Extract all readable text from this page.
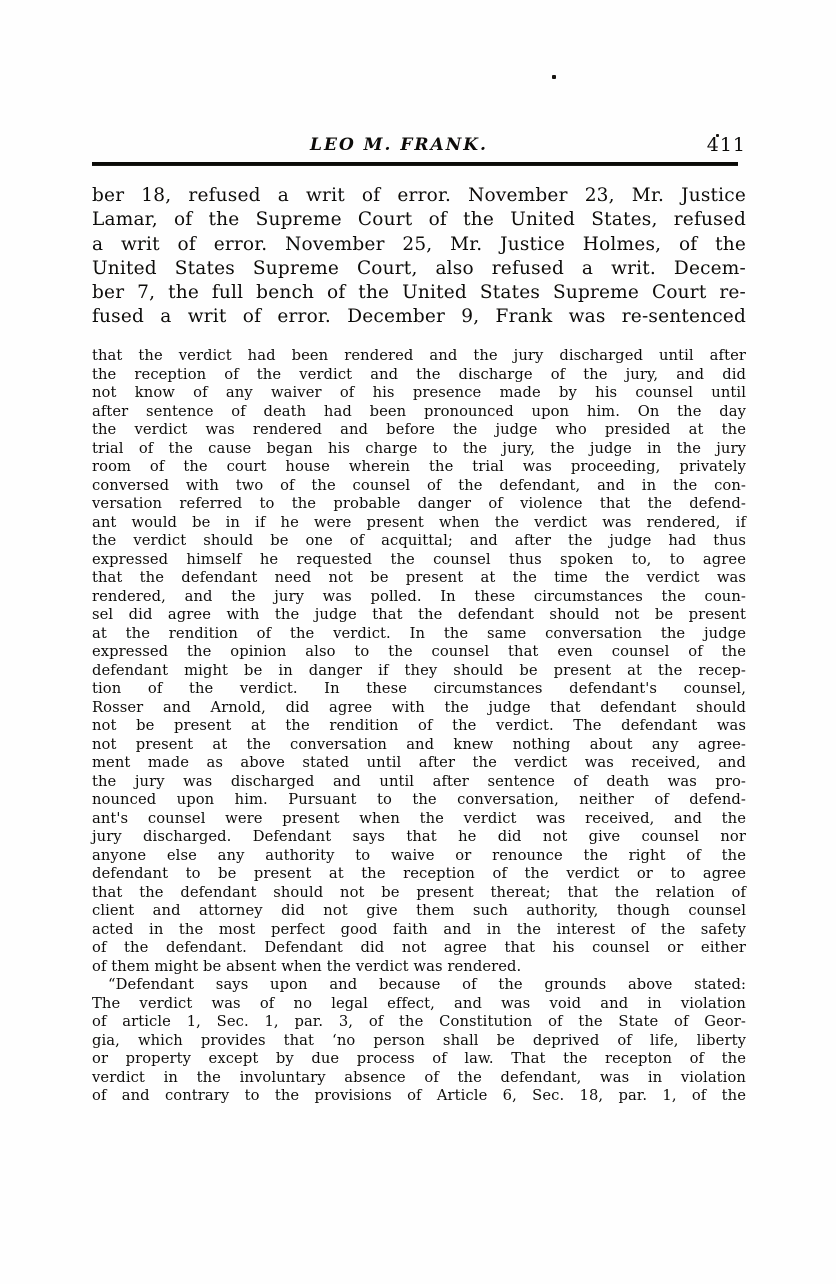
LEO M. FRANK.	411
ber 18, refused a writ of error. November 23, Mr. Justice
Lamar, of the Supreme Court of the United States, refused
a writ of error. November 25, Mr. Justice Holmes, of the
United States Supreme Court, also refused a writ. Decem-
ber 7, the full bench of the United States Supreme Court re-
fused a writ of error. December 9, Frank was re-sentenced
that the verdict had been rendered and the jury discharged until after
the reception of the verdict and the discharge of the jury, and did
not know of any waiver of his presence made by his counsel until
after sentence of death had been pronounced upon him. On the day
the verdict was rendered and before the judge who presided at the
trial of the cause began his charge to the jury, the judge in the jury
room of the court house wherein the trial was proceeding, privately
conversed with two of the counsel of the defendant, and in the con-
versation referred to the probable danger of violence that the defend-
ant would be in if he were present when the verdict was rendered, if
the verdict should be one of acquittal; and after the judge had thus
expressed himself he requested the counsel thus spoken to, to agree
that the defendant need not be present at the time the verdict was
rendered, and the jury was polled. In these circumstances the coun-
sel did agree with the judge that the defendant should not be present
at the rendition of the verdict. In the same conversation the judge
expressed the opinion also to the counsel that even counsel of the
defendant might be in danger if they should be present at the recep-
tion of the verdict. In these circumstances defendant's counsel,
Rosser and Arnold, did agree with the judge that defendant should
not be present at the rendition of the verdict. The defendant was
not present at the conversation and knew nothing about any agree-
ment made as above stated until after the verdict was received, and
the jury was discharged and until after sentence of death was pro-
nounced upon him. Pursuant to the conversation, neither of defend-
ant's counsel were present when the verdict was received, and the
jury discharged. Defendant says that he did not give counsel nor
anyone else any authority to waive or renounce the right of the
defendant to be present at the reception of the verdict or to agree
that the defendant should not be present thereat; that the relation of
client and attorney did not give them such authority, though counsel
acted in the most perfect good faith and in the interest of the safety
of the defendant. Defendant did not agree that his counsel or either
of them might be absent when the verdict was rendered.
“Defendant says upon and because of the grounds above stated:
The verdict was of no legal effect, and was void and in violation
of article 1, Sec. 1, par. 3, of the Constitution of the State of Geor-
gia, which provides that ‘no person shall be deprived of life, liberty
or property except by due process of law. That the recepton of the
verdict in the involuntary absence of the defendant, was in violation
of and contrary to the provisions of Article 6, Sec. 18, par. 1, of the
